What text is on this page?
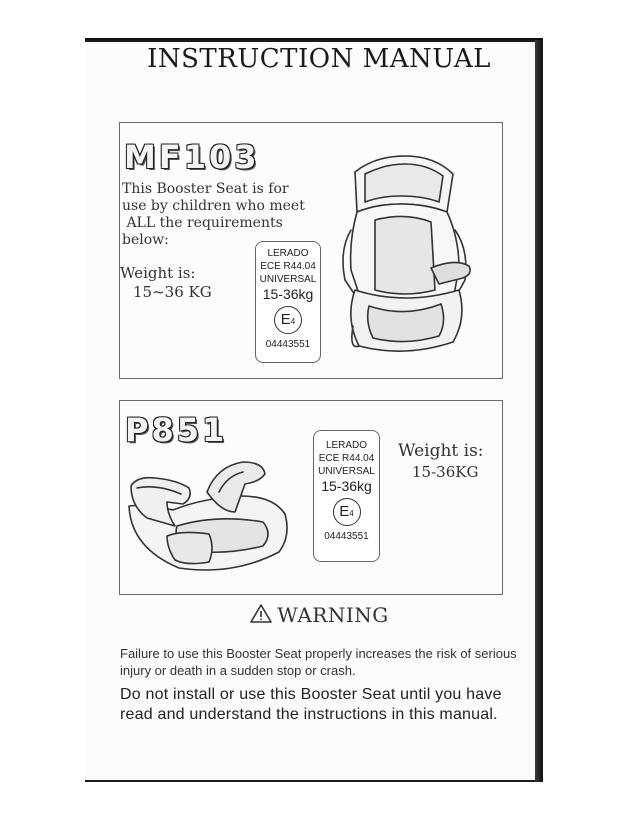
INSTRUCTION MANUAL
MF103
This Booster Seat is for
use by children who meet
ALL the requirements
below:
Weight is:
15~36 KG
LERADO
ECE R44.04
UNIVERSAL
15-36kg
E4
04443551
P851	LERADO
ECE R44.04
UNIVERSAL
15-36kg
E4
04443551
Weight is:
15-36KG
WARNING
Failure to use this Booster Seat properly increases the risk of serious injury or death in a sudden stop or crash.
Do not install or use this Booster Seat until you have read and understand the instructions in this manual.
